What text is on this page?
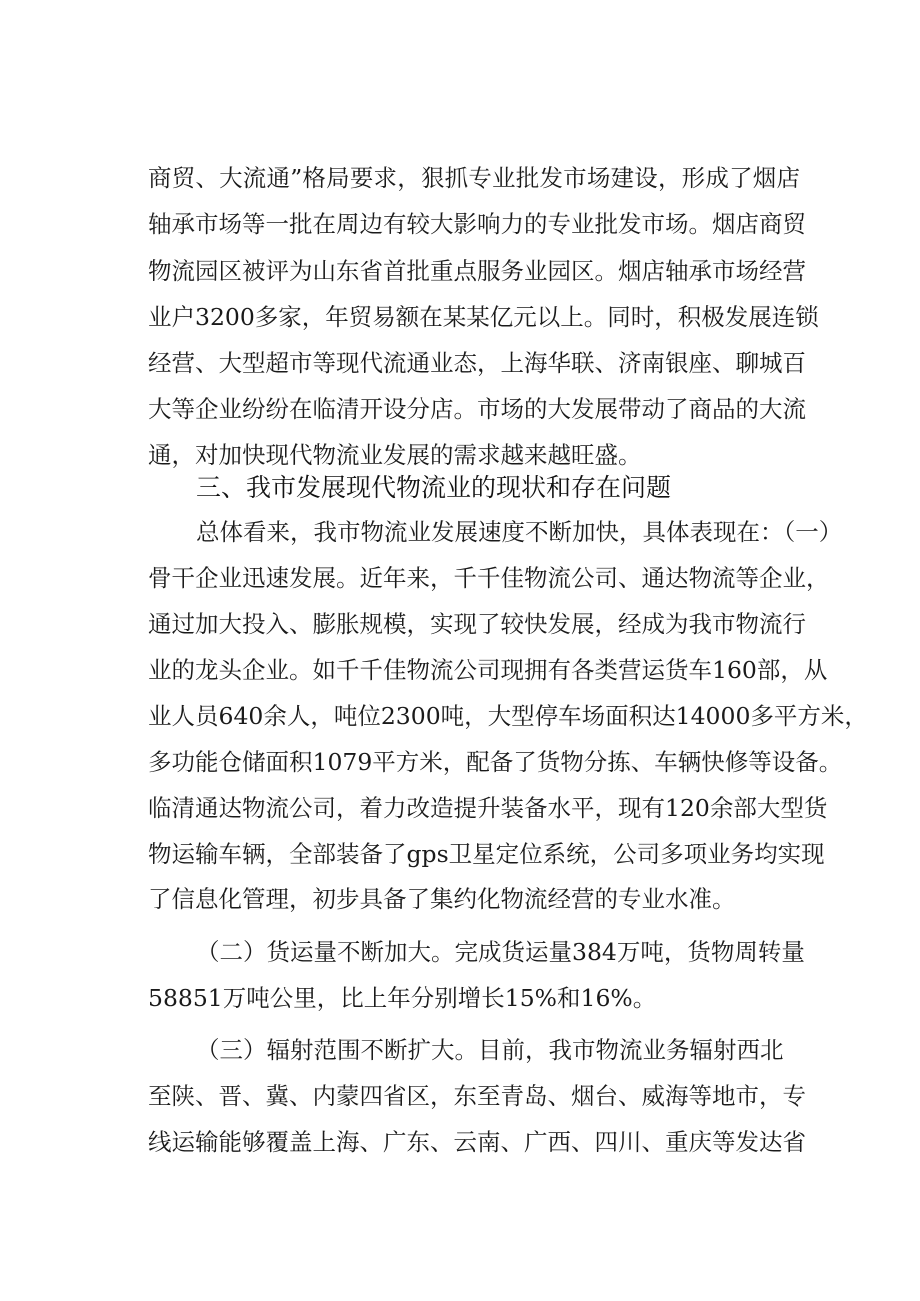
商贸、大流通”格局要求，狠抓专业批发市场建设，形成了烟店
轴承市场等一批在周边有较大影响力的专业批发市场。烟店商贸
物流园区被评为山东省首批重点服务业园区。烟店轴承市场经营
业户3200多家，年贸易额在某某亿元以上。同时，积极发展连锁
经营、大型超市等现代流通业态，上海华联、济南银座、聊城百
大等企业纷纷在临清开设分店。市场的大发展带动了商品的大流
通，对加快现代物流业发展的需求越来越旺盛。
三、我市发展现代物流业的现状和存在问题
总体看来，我市物流业发展速度不断加快，具体表现在：（一）
骨干企业迅速发展。近年来，千千佳物流公司、通达物流等企业，
通过加大投入、膨胀规模，实现了较快发展，经成为我市物流行
业的龙头企业。如千千佳物流公司现拥有各类营运货车160部，从
业人员640余人，吨位2300吨，大型停车场面积达14000多平方米，
多功能仓储面积1079平方米，配备了货物分拣、车辆快修等设备。
临清通达物流公司，着力改造提升装备水平，现有120余部大型货
物运输车辆，全部装备了gps卫星定位系统，公司多项业务均实现
了信息化管理，初步具备了集约化物流经营的专业水准。
（二）货运量不断加大。完成货运量384万吨，货物周转量
58851万吨公里，比上年分别增长15%和16%。
（三）辐射范围不断扩大。目前，我市物流业务辐射西北
至陕、晋、冀、内蒙四省区，东至青岛、烟台、威海等地市，专
线运输能够覆盖上海、广东、云南、广西、四川、重庆等发达省
